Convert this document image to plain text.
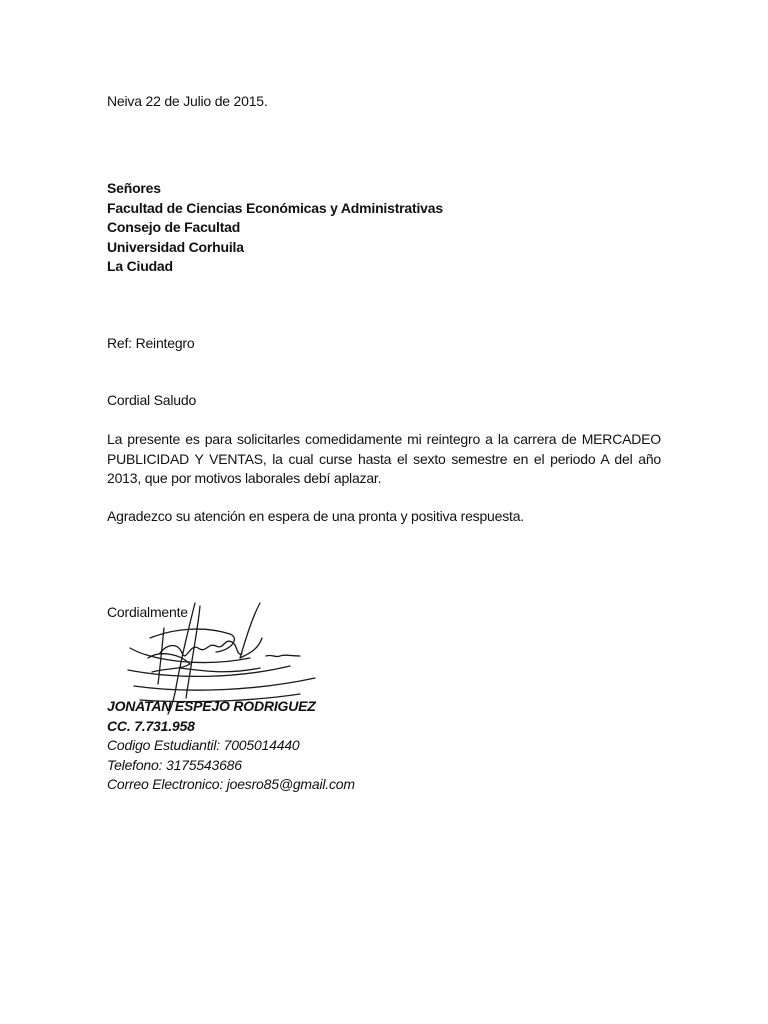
Neiva 22 de Julio de 2015.
Señores
Facultad de Ciencias Económicas y Administrativas
Consejo de Facultad
Universidad Corhuila
La Ciudad
Ref: Reintegro
Cordial Saludo
La presente es para solicitarles comedidamente mi reintegro a la carrera de MERCADEO PUBLICIDAD Y VENTAS, la cual curse hasta el sexto semestre en el periodo A del año 2013, que por motivos laborales debí aplazar.
Agradezco su atención en espera de una pronta y positiva respuesta.
Cordialmente
JONATAN ESPEJO RODRIGUEZ
CC. 7.731.958
Codigo Estudiantil: 7005014440
Telefono: 3175543686
Correo Electronico: joesro85@gmail.com
